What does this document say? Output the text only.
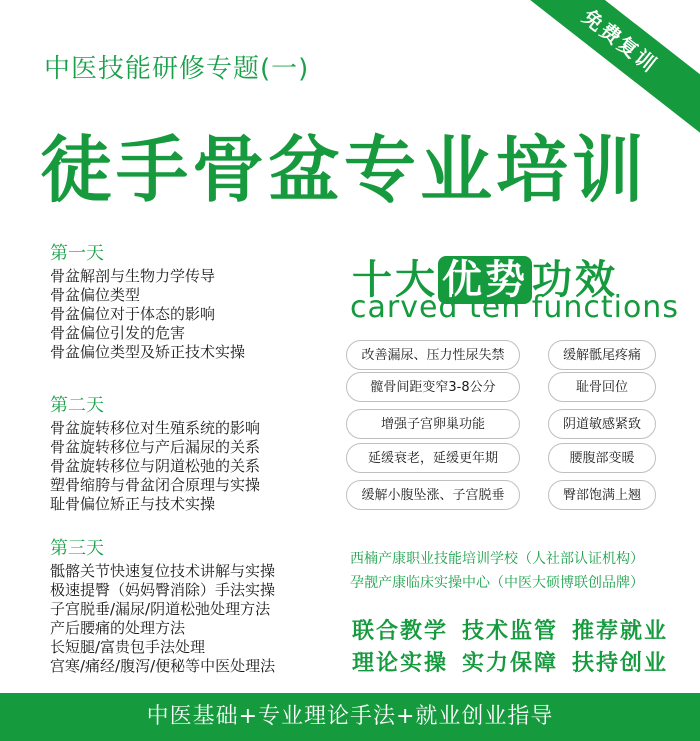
免费复训
中医技能研修专题(一)
徒手骨盆专业培训
第一天
骨盆解剖与生物力学传导
骨盆偏位类型
骨盆偏位对于体态的影响
骨盆偏位引发的危害
骨盆偏位类型及矫正技术实操
第二天
骨盆旋转移位对生殖系统的影响
骨盆旋转移位与产后漏尿的关系
骨盆旋转移位与阴道松弛的关系
塑骨缩胯与骨盆闭合原理与实操
耻骨偏位矫正与技术实操
第三天
骶髂关节快速复位技术讲解与实操
极速提臀（妈妈臀消除）手法实操
子宫脱垂/漏尿/阴道松弛处理方法
产后腰痛的处理方法
长短腿/富贵包手法处理
宫寒/痛经/腹泻/便秘等中医处理法
十大 优势 功效
carved ten functions
改善漏尿、压力性尿失禁
髋骨间距变窄3-8公分
增强子宫卵巢功能
延缓衰老，延缓更年期
缓解小腹坠涨、子宫脱垂
缓解骶尾疼痛
耻骨回位
阴道敏感紧致
腰腹部变暖
臀部饱满上翘
西楠产康职业技能培训学校（人社部认证机构）
孕靓产康临床实操中心（中医大硕博联创品牌）
联合教学 技术监管 推荐就业
理论实操 实力保障 扶持创业
中医基础+专业理论手法+就业创业指导
